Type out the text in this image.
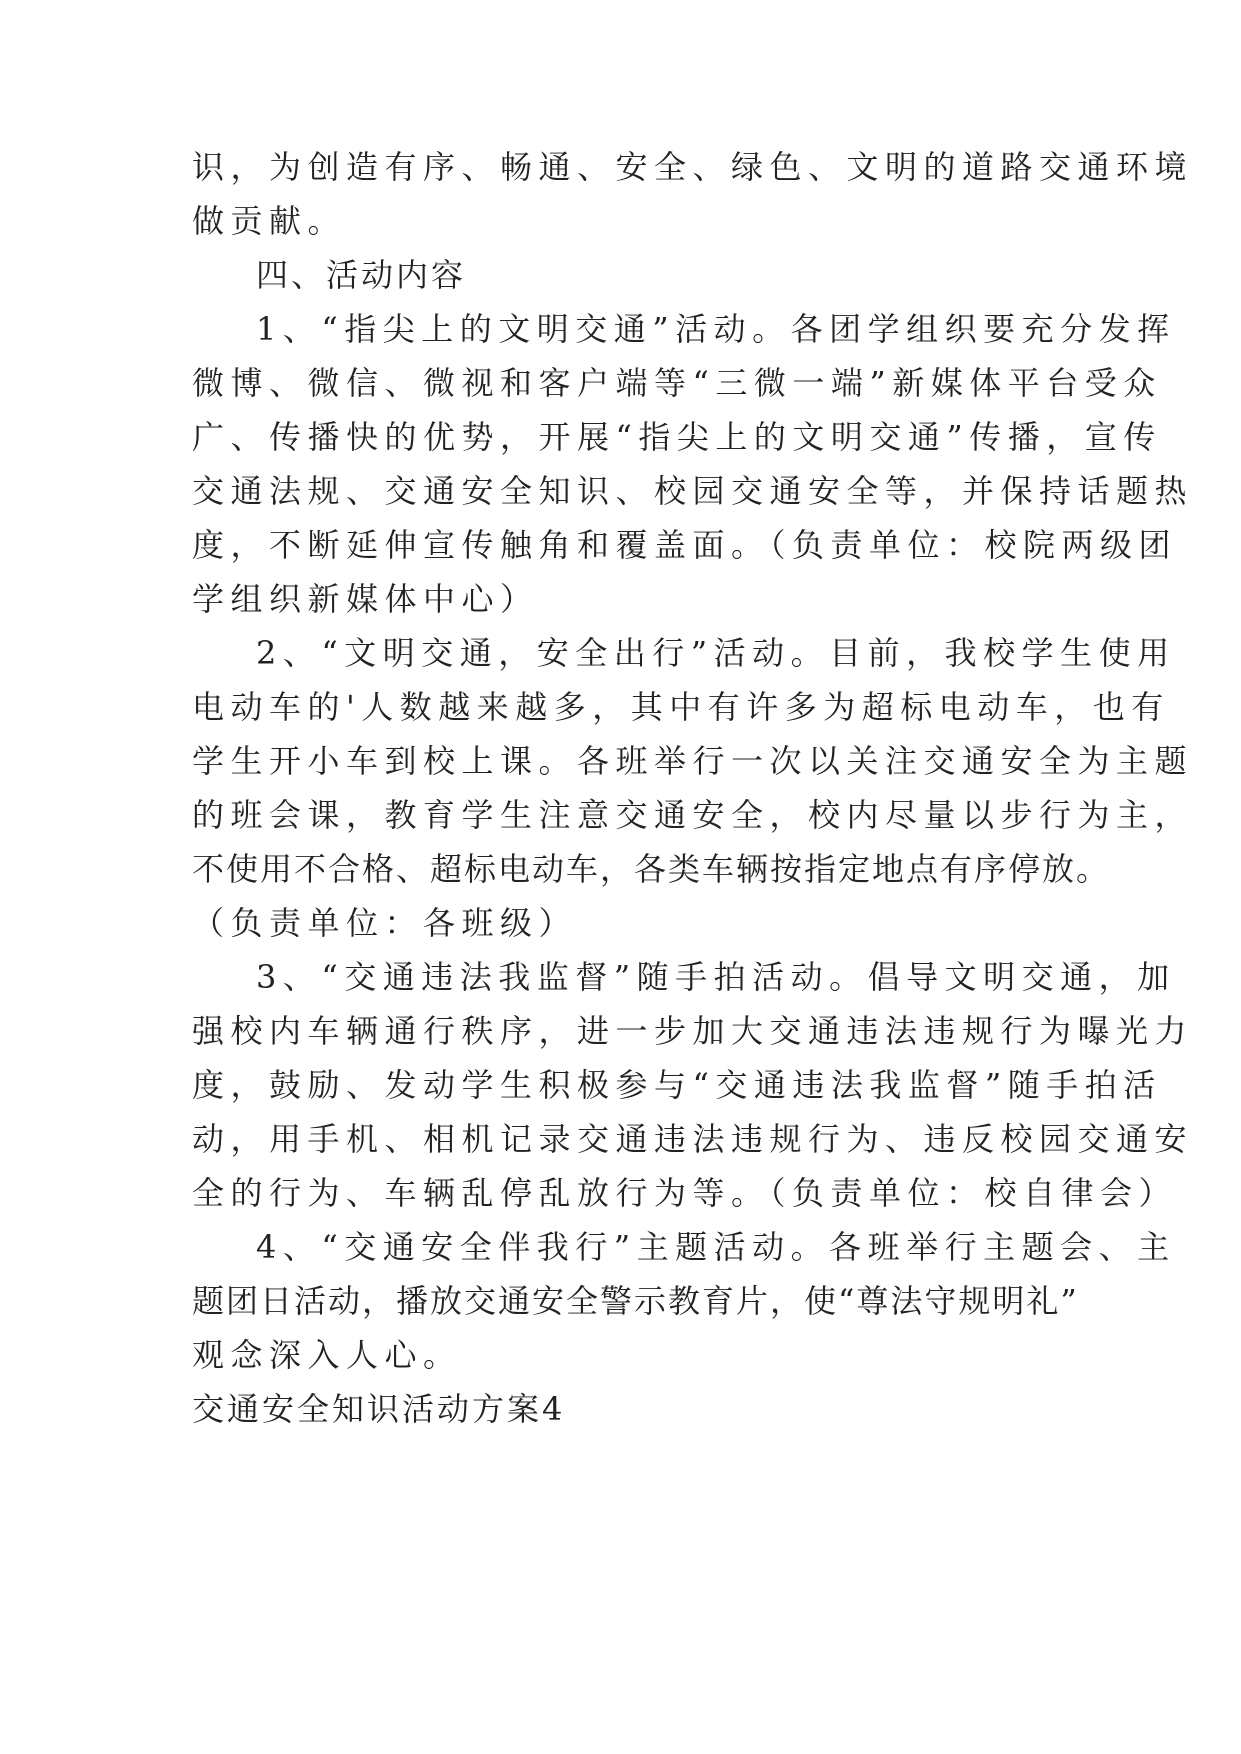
识，为创造有序、畅通、安全、绿色、文明的道路交通环境
做贡献。
四、活动内容
1、“指尖上的文明交通”活动。各团学组织要充分发挥
微博、微信、微视和客户端等“三微一端”新媒体平台受众
广、传播快的优势，开展“指尖上的文明交通”传播，宣传
交通法规、交通安全知识、校园交通安全等，并保持话题热
度，不断延伸宣传触角和覆盖面。（负责单位：校院两级团
学组织新媒体中心）
2、“文明交通，安全出行”活动。目前，我校学生使用
电动车的'人数越来越多，其中有许多为超标电动车，也有
学生开小车到校上课。各班举行一次以关注交通安全为主题
的班会课，教育学生注意交通安全，校内尽量以步行为主，
不使用不合格、超标电动车，各类车辆按指定地点有序停放。
（负责单位：各班级）
3、“交通违法我监督”随手拍活动。倡导文明交通，加
强校内车辆通行秩序，进一步加大交通违法违规行为曝光力
度，鼓励、发动学生积极参与“交通违法我监督”随手拍活
动，用手机、相机记录交通违法违规行为、违反校园交通安
全的行为、车辆乱停乱放行为等。（负责单位：校自律会）
4、“交通安全伴我行”主题活动。各班举行主题会、主
题团日活动，播放交通安全警示教育片，使“尊法守规明礼”
观念深入人心。
交通安全知识活动方案4
